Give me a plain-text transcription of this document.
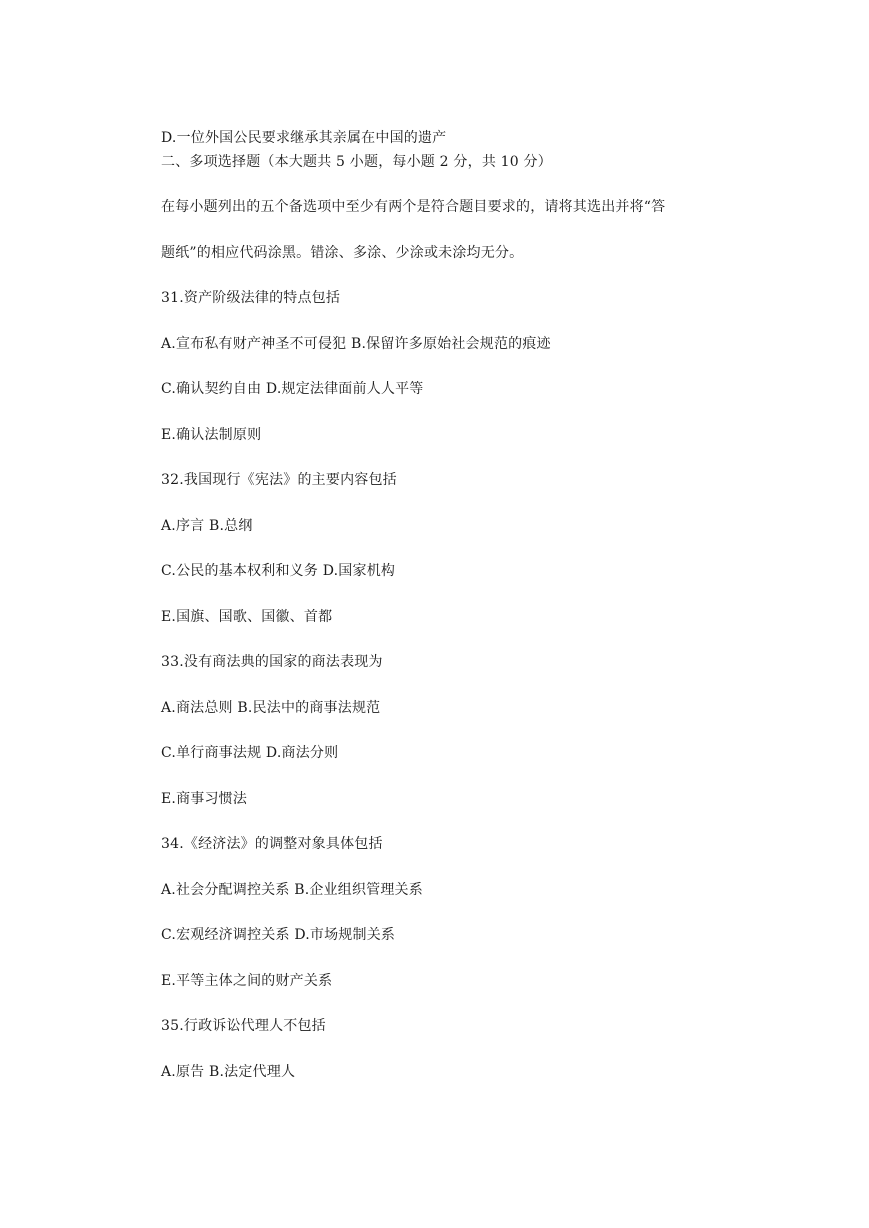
D.一位外国公民要求继承其亲属在中国的遗产
二、多项选择题（本大题共 5 小题，每小题 2 分，共 10 分）
在每小题列出的五个备选项中至少有两个是符合题目要求的，请将其选出并将“答
题纸”的相应代码涂黑。错涂、多涂、少涂或未涂均无分。
31.资产阶级法律的特点包括
A.宣布私有财产神圣不可侵犯 B.保留许多原始社会规范的痕迹
C.确认契约自由 D.规定法律面前人人平等
E.确认法制原则
32.我国现行《宪法》的主要内容包括
A.序言 B.总纲
C.公民的基本权利和义务 D.国家机构
E.国旗、国歌、国徽、首都
33.没有商法典的国家的商法表现为
A.商法总则 B.民法中的商事法规范
C.单行商事法规 D.商法分则
E.商事习惯法
34.《经济法》的调整对象具体包括
A.社会分配调控关系 B.企业组织管理关系
C.宏观经济调控关系 D.市场规制关系
E.平等主体之间的财产关系
35.行政诉讼代理人不包括
A.原告 B.法定代理人
